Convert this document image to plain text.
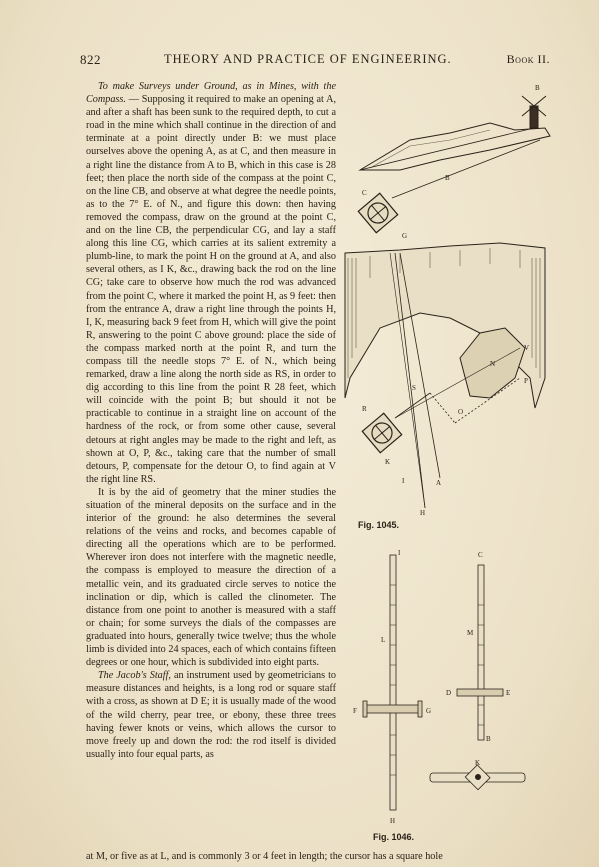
822	THEORY AND PRACTICE OF ENGINEERING.	Book II.

To make Surveys under Ground, as in Mines, with the Compass. — Supposing it required to make an opening at A, and after a shaft has been sunk to the required depth, to cut a road in the mine which shall continue in the direction of and terminate at a point directly under B: we must place ourselves above the opening A, as at C, and then measure in a right line the distance from A to B, which in this case is 28 feet; then place the north side of the compass at the point C, on the line CB, and observe at what degree the needle points, as to the 7° E. of N., and figure this down: then having removed the compass, draw on the ground at the point C, and on the line CB, the perpendicular CG, and lay a staff along this line CG, which carries at its salient extremity a plumb-line, to mark the point H on the ground at A, and also several others, as I K, &c., drawing back the rod on the line CG; take care to observe how much the rod was advanced from the point C, where it marked the point H, as 9 feet: then from the entrance A, draw a right line through the points H, I, K, measuring back 9 feet from H, which will give the point R, answering to the point C above ground: place the side of the compass marked north at the point R, and turn the compass till the needle stops 7° E. of N., which being remarked, draw a line along the north side as RS, in order to dig according to this line from the point R 28 feet, which will coincide with the point B; but should it not be practicable to continue in a straight line on account of the hardness of the rock, or from some other cause, several detours at right angles may be made to the right and left, as shown at O, P, &c., taking care that the number of small detours, P, compensate for the detour O, to find again at V the right line RS.

It is by the aid of geometry that the miner studies the situation of the mineral deposits on the surface and in the interior of the ground: he also determines the several relations of the veins and rocks, and becomes capable of directing all the operations which are to be performed. Wherever iron does not interfere with the magnetic needle, the compass is employed to measure the direction of a metallic vein, and its graduated circle serves to notice the inclination or dip, which is called the clinometer. The distance from one point to another is measured with a staff or chain; for some surveys the dials of the compasses are graduated into hours, generally twice twelve; thus the whole limb is divided into 24 spaces, each of which contains fifteen degrees or one hour, which is subdivided into eight parts.

The Jacob's Staff, an instrument used by geometricians to measure distances and heights, is a long rod or square staff with a cross, as shown at D E; it is usually made of the wood of the wild cherry, pear tree, or ebony, these three trees having fewer knots or veins, which allows the cursor to move freely up and down the rod: the rod itself is divided usually into four equal parts, as

at M, or five as at L, and is commonly 3 or 4 feet in length; the cursor has a square hole
B
B
C
G
N
P
O
V
S
R
K
I	A
H
Fig. 1045.
I	C
L
M
F	G
D	E
B
H
K
Fig. 1046.
